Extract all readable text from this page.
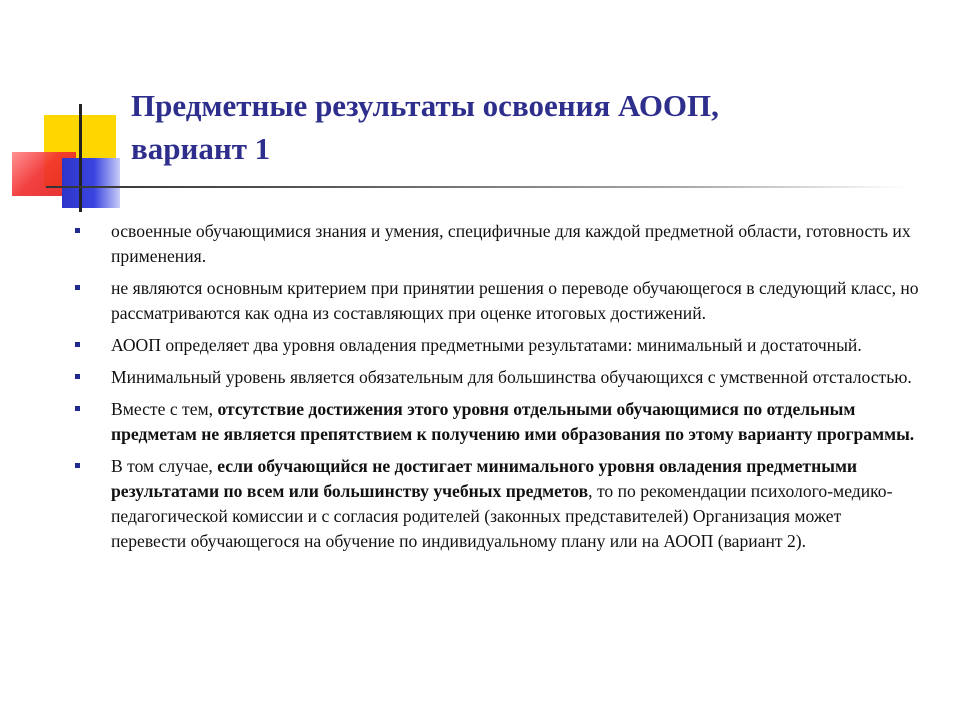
Предметные результаты освоения АООП,
вариант 1
освоенные обучающимися знания и умения, специфичные для каждой предметной области, готовность их применения.
не являются основным критерием при принятии решения о переводе обучающегося в следующий класс, но рассматриваются как одна из составляющих при оценке итоговых достижений.
АООП определяет два уровня овладения предметными результатами: минимальный и достаточный.
Минимальный уровень является обязательным для большинства обучающихся с умственной отсталостью.
Вместе с тем, отсутствие достижения этого уровня отдельными обучающимися по отдельным предметам не является препятствием к получению ими образования по этому варианту программы.
В том случае, если обучающийся не достигает минимального уровня овладения предметными результатами по всем или большинству учебных предметов, то по рекомендации психолого-медико-педагогической комиссии и с согласия родителей (законных представителей) Организация может перевести обучающегося на обучение по индивидуальному плану или на АООП (вариант 2).
